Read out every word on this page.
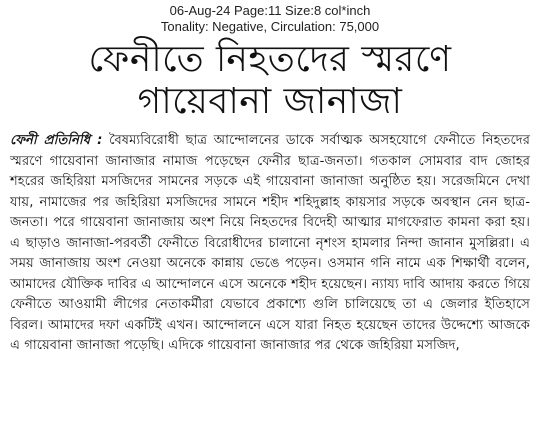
06-Aug-24 Page:11 Size:8 col*inch
Tonality: Negative, Circulation: 75,000
ফেনীতে নিহতদের স্মরণে
গায়েবানা জানাজা
ফেনী প্রতিনিধি : বৈষম্যবিরোধী ছাত্র আন্দোলনের ডাকে সর্বাত্মক অসহযোগে ফেনীতে নিহতদের স্মরণে গায়েবানা জানাজার নামাজ পড়েছেন ফেনীর ছাত্র-জনতা। গতকাল সোমবার বাদ জোহর শহরের জহিরিয়া মসজিদের সামনের সড়কে এই গায়েবানা জানাজা অনুষ্ঠিত হয়। সরেজমিনে দেখা যায়, নামাজের পর জহিরিয়া মসজিদের সামনে শহীদ শহিদুল্লাহ কায়সার সড়কে অবস্থান নেন ছাত্র-জনতা। পরে গায়েবানা জানাজায় অংশ নিয়ে নিহতদের বিদেহী আত্মার মাগফেরাত কামনা করা হয়। এ ছাড়াও জানাজা-পরবর্তী ফেনীতে বিরোধীদের চালানো নৃশংস হামলার নিন্দা জানান মুসল্লিরা। এ সময় জানাজায় অংশ নেওয়া অনেকে কান্নায় ভেঙে পড়েন। ওসমান গনি নামে এক শিক্ষার্থী বলেন, আমাদের যৌক্তিক দাবির এ আন্দোলনে এসে অনেকে শহীদ হয়েছেন। ন্যায্য দাবি আদায় করতে গিয়ে ফেনীতে আওয়ামী লীগের নেতাকর্মীরা যেভাবে প্রকাশ্যে গুলি চালিয়েছে তা এ জেলার ইতিহাসে বিরল। আমাদের দফা একটিই এখন। আন্দোলনে এসে যারা নিহত হয়েছেন তাদের উদ্দেশ্যে আজকে এ গায়েবানা জানাজা পড়েছি। এদিকে গায়েবানা জানাজার পর থেকে জহিরিয়া মসজিদ,
